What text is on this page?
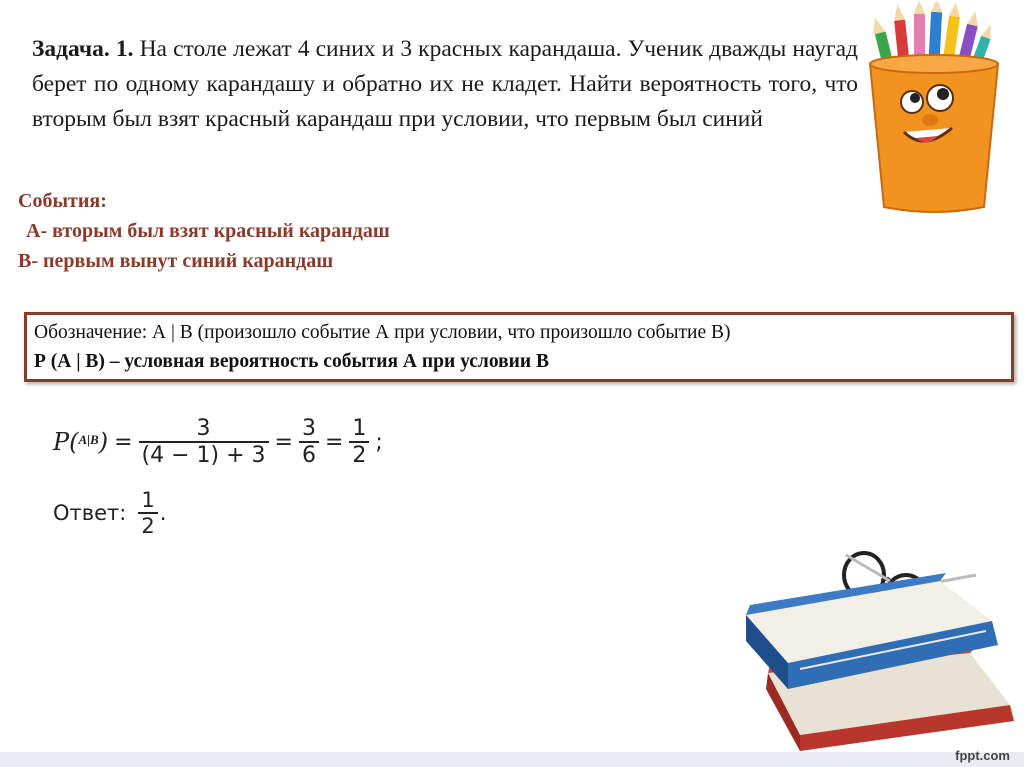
Задача. 1. На столе лежат 4 синих и 3 красных карандаша. Ученик дважды наугад берет по одному карандашу и обратно их не кладет. Найти вероятность того, что вторым был взят красный карандаш при условии, что первым был синий
События:
А- вторым был взят красный карандаш
В- первым вынут синий карандаш
Обозначение: А | В (произошло событие А при условии, что произошло событие В)
Р (А | В) – условная вероятность события А при условии В
$P(^{А|В}) = \frac{3}{(4 - 1) + 3} = \frac{3}{6} = \frac{1}{2}$ ;
Ответ: $\frac{1}{2}$ .
fppt.com
